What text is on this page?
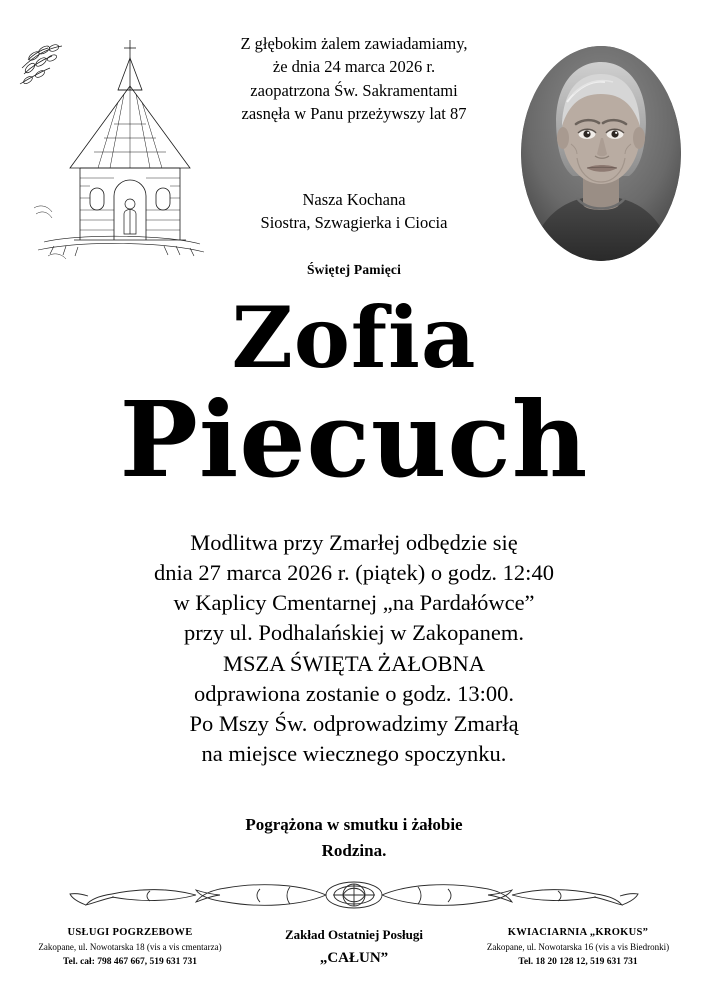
Z głębokim żalem zawiadamiamy,
że dnia 24 marca 2026 r.
zaopatrzona Św. Sakramentami
zasnęła w Panu przeżywszy lat 87
Nasza Kochana
Siostra, Szwagierka i Ciocia
Świętej Pamięci
Zofia
Piecuch
Modlitwa przy Zmarłej odbędzie się
dnia 27 marca 2026 r. (piątek) o godz. 12:40
w Kaplicy Cmentarnej „na Pardałówce”
przy ul. Podhalańskiej w Zakopanem.
MSZA ŚWIĘTA ŻAŁOBNA
odprawiona zostanie o godz. 13:00.
Po Mszy Św. odprowadzimy Zmarłą
na miejsce wiecznego spoczynku.
Pogrążona w smutku i żałobie
Rodzina.
USŁUGI POGRZEBOWE
Zakopane, ul. Nowotarska 18 (vis a vis cmentarza)
Tel. cał: 798 467 667, 519 631 731
Zakład Ostatniej Posługi
„CAŁUN”
KWIACIARNIA „KROKUS”
Zakopane, ul. Nowotarska 16 (vis a vis Biedronki)
Tel. 18 20 128 12, 519 631 731
